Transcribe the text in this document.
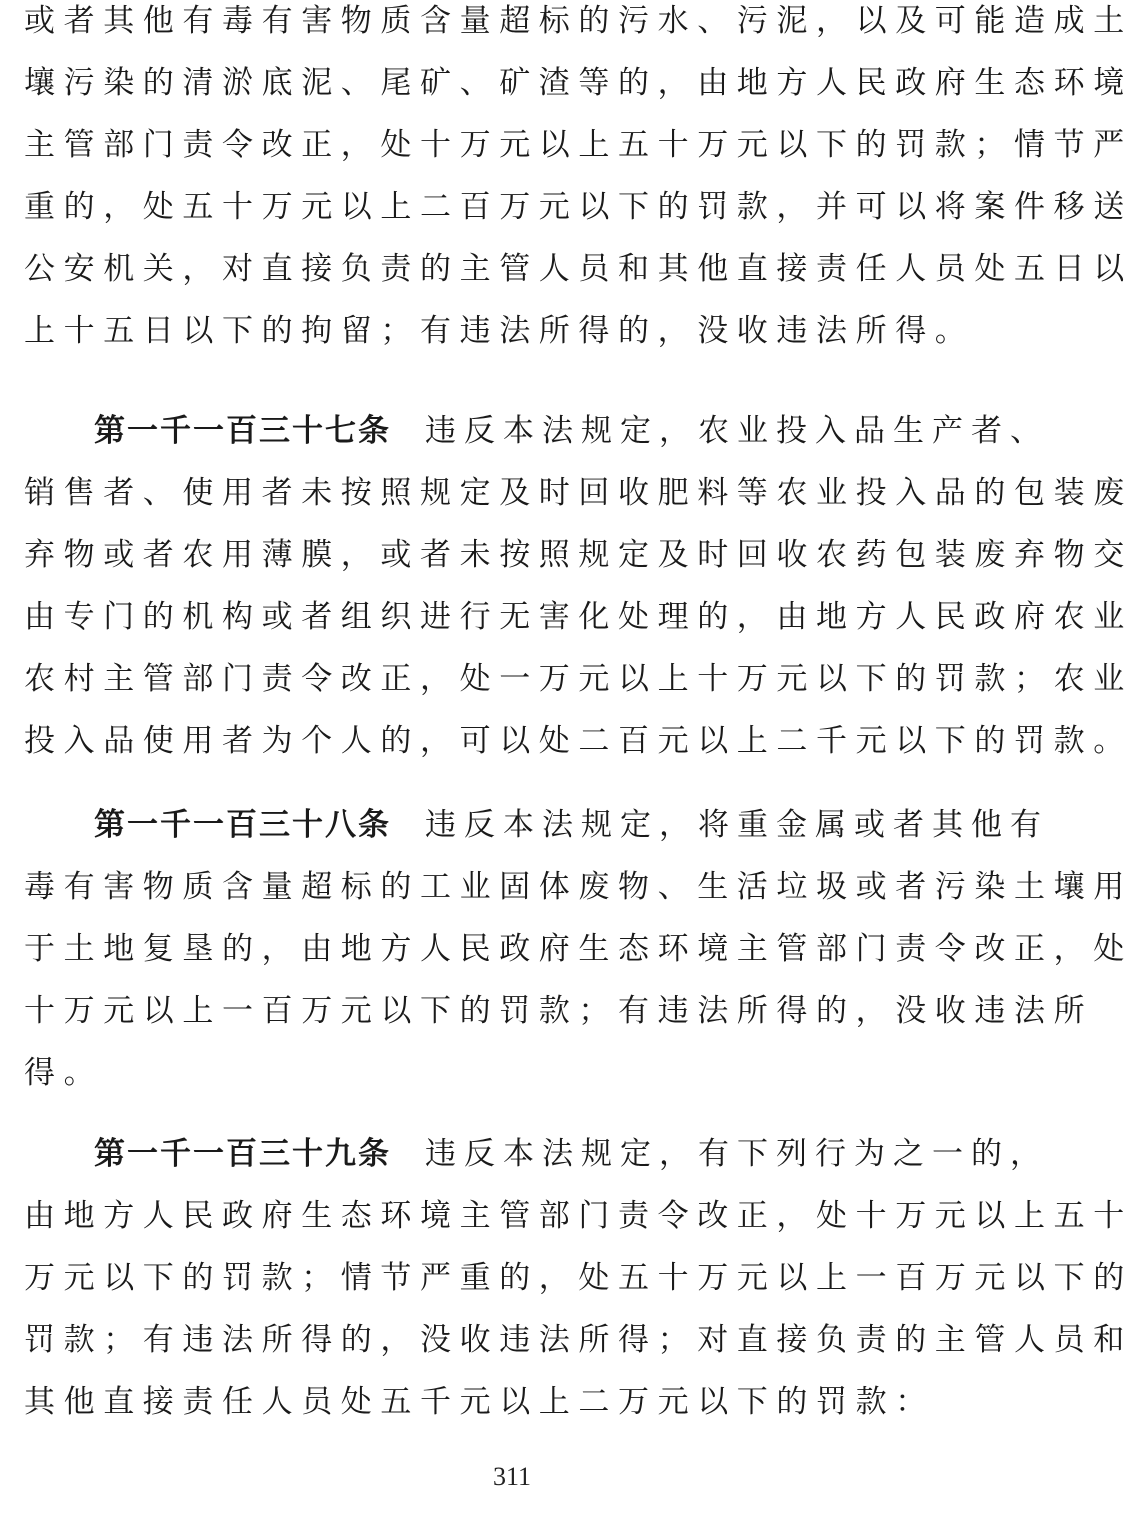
或者其他有毒有害物质含量超标的污水、污泥，以及可能造成土
壤污染的清淤底泥、尾矿、矿渣等的，由地方人民政府生态环境
主管部门责令改正，处十万元以上五十万元以下的罚款；情节严
重的，处五十万元以上二百万元以下的罚款，并可以将案件移送
公安机关，对直接负责的主管人员和其他直接责任人员处五日以
上十五日以下的拘留；有违法所得的，没收违法所得。
第一千一百三十七条 违反本法规定，农业投入品生产者、
销售者、使用者未按照规定及时回收肥料等农业投入品的包装废
弃物或者农用薄膜，或者未按照规定及时回收农药包装废弃物交
由专门的机构或者组织进行无害化处理的，由地方人民政府农业
农村主管部门责令改正，处一万元以上十万元以下的罚款；农业
投入品使用者为个人的，可以处二百元以上二千元以下的罚款。
第一千一百三十八条 违反本法规定，将重金属或者其他有
毒有害物质含量超标的工业固体废物、生活垃圾或者污染土壤用
于土地复垦的，由地方人民政府生态环境主管部门责令改正，处
十万元以上一百万元以下的罚款；有违法所得的，没收违法所
得。
第一千一百三十九条 违反本法规定，有下列行为之一的，
由地方人民政府生态环境主管部门责令改正，处十万元以上五十
万元以下的罚款；情节严重的，处五十万元以上一百万元以下的
罚款；有违法所得的，没收违法所得；对直接负责的主管人员和
其他直接责任人员处五千元以上二万元以下的罚款：
311
